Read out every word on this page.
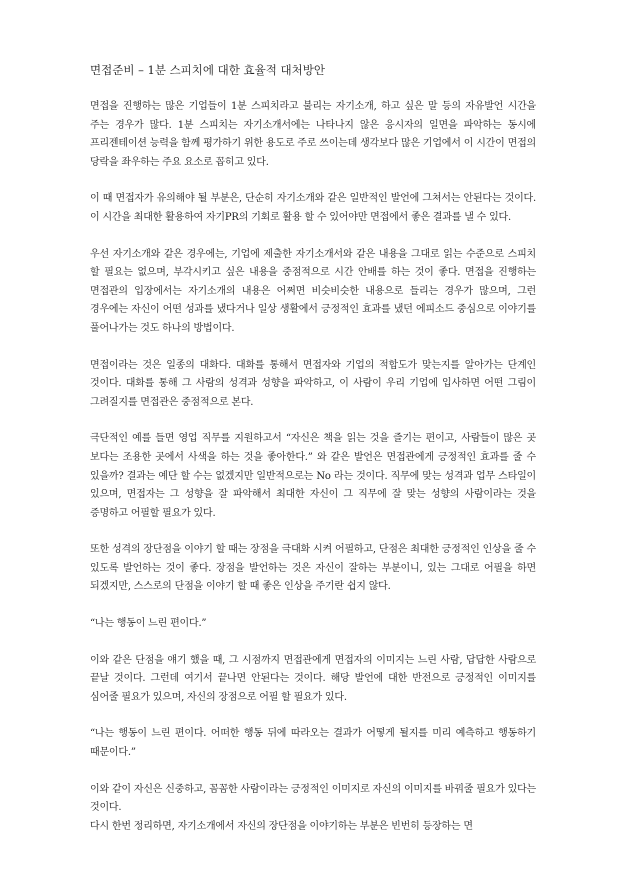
면접준비 – 1분 스피치에 대한 효율적 대처방안

면접을 진행하는 많은 기업들이 1분 스피치라고 불리는 자기소개, 하고 싶은 말 등의 자유발언 시간을 주는 경우가 많다. 1분 스피치는 자기소개서에는 나타나지 않은 응시자의 일면을 파악하는 동시에 프리젠테이션 능력을 함께 평가하기 위한 용도로 주로 쓰이는데 생각보다 많은 기업에서 이 시간이 면접의 당락을 좌우하는 주요 요소로 꼽히고 있다.

이 때 면접자가 유의해야 될 부분은, 단순히 자기소개와 같은 일반적인 발언에 그쳐서는 안된다는 것이다. 이 시간을 최대한 활용하여 자기PR의 기회로 활용 할 수 있어야만 면접에서 좋은 결과를 낼 수 있다.

우선 자기소개와 같은 경우에는, 기업에 제출한 자기소개서와 같은 내용을 그대로 읽는 수준으로 스피치 할 필요는 없으며, 부각시키고 싶은 내용을 중점적으로 시간 안배를 하는 것이 좋다. 면접을 진행하는 면접관의 입장에서는 자기소개의 내용은 어쩌면 비슷비슷한 내용으로 들리는 경우가 많으며, 그런 경우에는 자신이 어떤 성과를 냈다거나 일상 생활에서 긍정적인 효과를 냈던 에피소드 중심으로 이야기를 풀어나가는 것도 하나의 방법이다.

면접이라는 것은 일종의 대화다. 대화를 통해서 면접자와 기업의 적합도가 맞는지를 알아가는 단계인 것이다. 대화를 통해 그 사람의 성격과 성향을 파악하고, 이 사람이 우리 기업에 입사하면 어떤 그림이 그려질지를 면접관은 중점적으로 본다.

극단적인 예를 들면 영업 직무를 지원하고서 “자신은 책을 읽는 것을 즐기는 편이고, 사람들이 많은 곳 보다는 조용한 곳에서 사색을 하는 것을 좋아한다.” 와 같은 발언은 면접관에게 긍정적인 효과를 줄 수 있을까? 결과는 예단 할 수는 없겠지만 일반적으로는 No 라는 것이다. 직무에 맞는 성격과 업무 스타일이 있으며, 면접자는 그 성향을 잘 파악해서 최대한 자신이 그 직무에 잘 맞는 성향의 사람이라는 것을 증명하고 어필할 필요가 있다.

또한 성격의 장단점을 이야기 할 때는 장점을 극대화 시켜 어필하고, 단점은 최대한 긍정적인 인상을 줄 수 있도록 발언하는 것이 좋다. 장점을 발언하는 것은 자신이 잘하는 부분이니, 있는 그대로 어필을 하면 되겠지만, 스스로의 단점을 이야기 할 때 좋은 인상을 주기란 쉽지 않다.

“나는 행동이 느린 편이다.”

이와 같은 단점을 얘기 했을 때, 그 시점까지 면접관에게 면접자의 이미지는 느린 사람, 답답한 사람으로 끝날 것이다. 그런데 여기서 끝나면 안된다는 것이다. 해당 발언에 대한 반전으로 긍정적인 이미지를 심어줄 필요가 있으며, 자신의 장점으로 어필 할 필요가 있다.

“나는 행동이 느린 편이다. 어떠한 행동 뒤에 따라오는 결과가 어떻게 될지를 미리 예측하고 행동하기 때문이다.”

이와 같이 자신은 신중하고, 꼼꼼한 사람이라는 긍정적인 이미지로 자신의 이미지를 바꿔줄 필요가 있다는 것이다.

다시 한번 정리하면, 자기소개에서 자신의 장단점을 이야기하는 부분은 빈번히 등장하는 면
